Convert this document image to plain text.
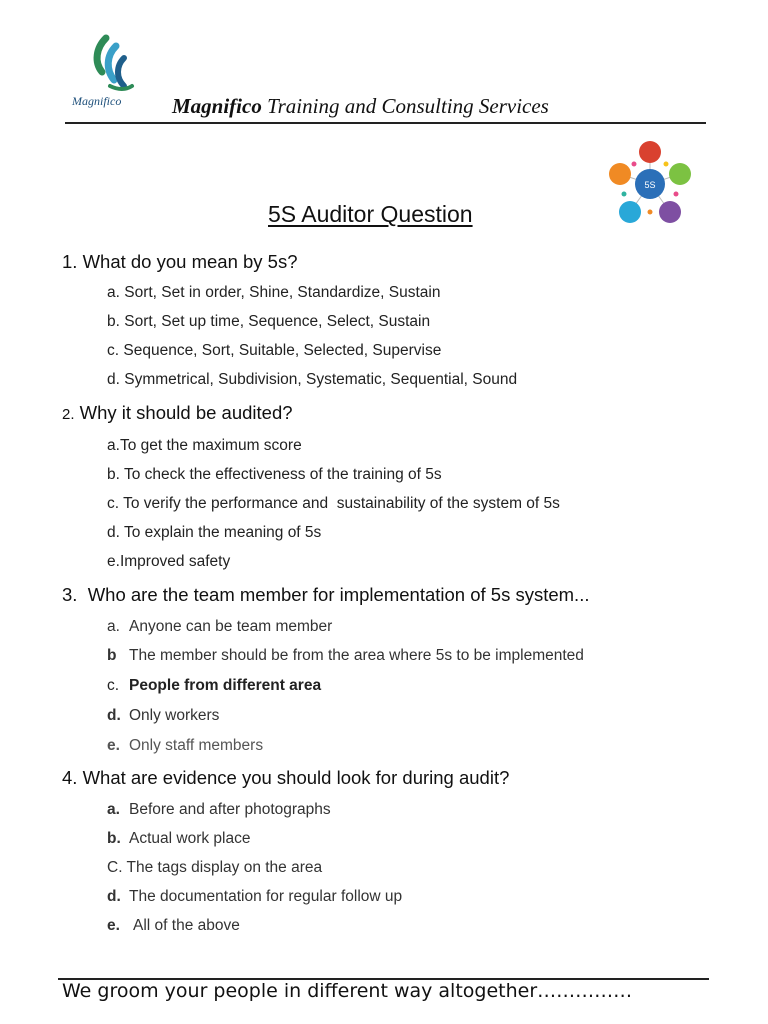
Magnifico Magnifico Training and Consulting Services
5S
5S Auditor Question
1. What do you mean by 5s?
a. Sort, Set in order, Shine, Standardize, Sustain
b. Sort, Set up time, Sequence, Select, Sustain
c. Sequence, Sort, Suitable, Selected, Supervise
d. Symmetrical, Subdivision, Systematic, Sequential, Sound
2. Why it should be audited?
a.To get the maximum score
b. To check the effectiveness of the training of 5s
c. To verify the performance and  sustainability of the system of 5s
d. To explain the meaning of 5s
e.Improved safety
3. Who are the team member for implementation of 5s system...
a. Anyone can be team member
b The member should be from the area where 5s to be implemented
c. People from different area
d. Only workers
e. Only staff members
4. What are evidence you should look for during audit?
a. Before and after photographs
b. Actual work place
C. The tags display on the area
d. The documentation for regular follow up
e. All of the above
We groom your people in different way altogether……………
